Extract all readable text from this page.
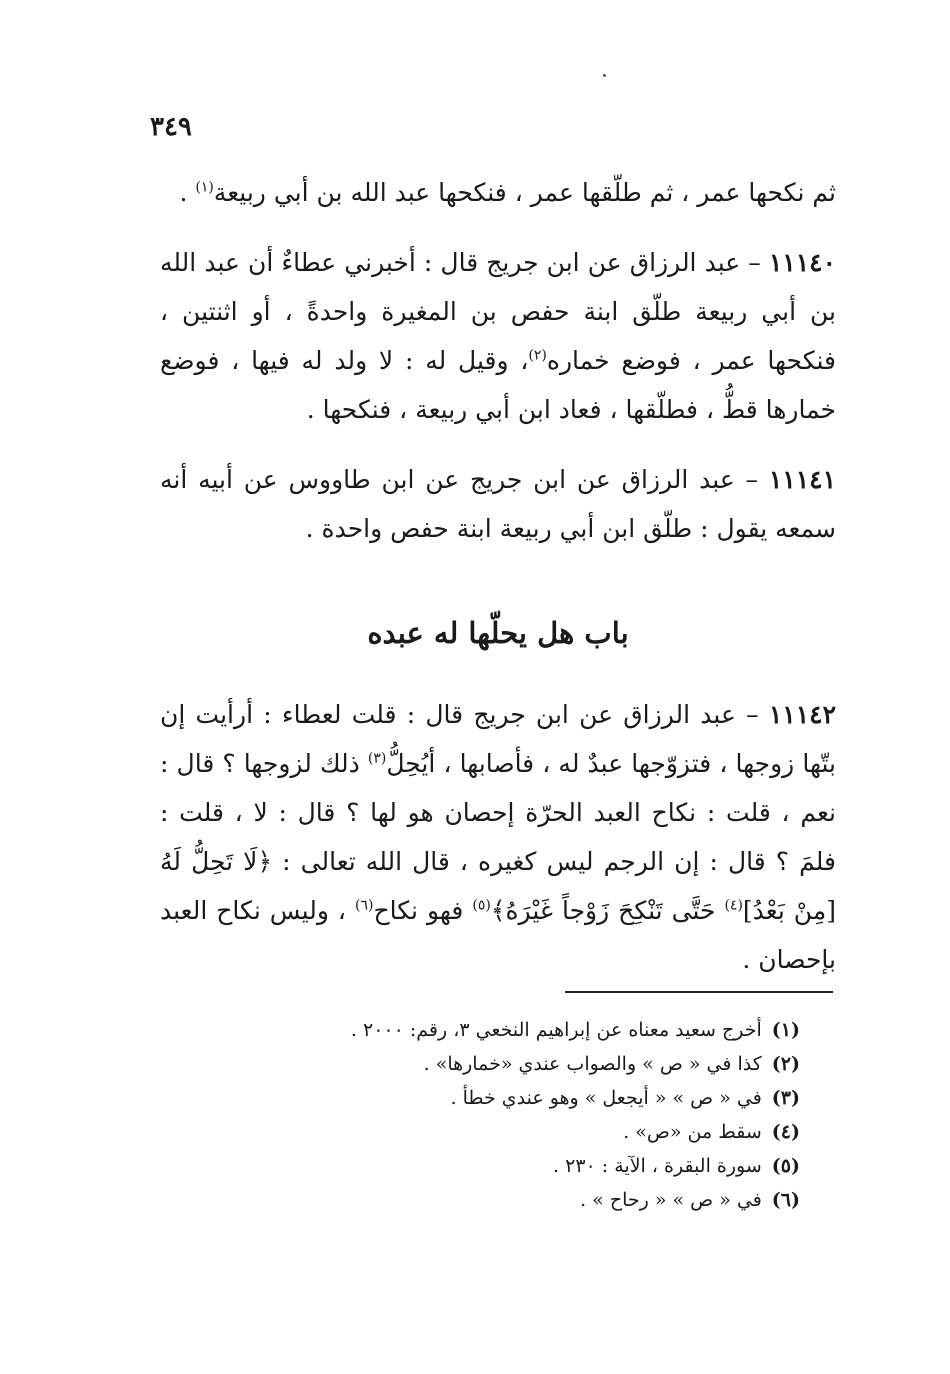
٣٤٩

ثم نكحها عمر ، ثم طلّقها عمر ، فنكحها عبد الله بن أبي ربيعة$^{(١)}$ .

١١١٤٠ – عبد الرزاق عن ابن جريج قال : أخبرني عطاءٌ أن عبد الله بن أبي ربيعة طلّق ابنة حفص بن المغيرة واحدةً ، أو اثنتين ، فنكحها عمر ، فوضع خماره$^{(٢)}$، وقيل له : لا ولد له فيها ، فوضع خمارها قطُّ ، فطلّقها ، فعاد ابن أبي ربيعة ، فنكحها .

١١١٤١ – عبد الرزاق عن ابن جريج عن ابن طاووس عن أبيه أنه سمعه يقول : طلّق ابن أبي ربيعة ابنة حفص واحدة .

باب هل يحلّها له عبده

١١١٤٢ – عبد الرزاق عن ابن جريج قال : قلت لعطاء : أرأيت إن بتّها زوجها ، فتزوّجها عبدٌ له ، فأصابها ، أيُحِلُّ$^{(٣)}$ ذلك لزوجها ؟ قال : نعم ، قلت : نكاح العبد الحرّة إحصان هو لها ؟ قال : لا ، قلت : فلمَ ؟ قال : إن الرجم ليس كغيره ، قال الله تعالى : ﴿لَا تَحِلُّ لَهُ [مِنْ بَعْدُ]$^{(٤)}$ حَتَّى تَنْكِحَ زَوْجاً غَيْرَهُ﴾$^{(٥)}$ فهو نكاح$^{(٦)}$ ، وليس نكاح العبد بإحصان .

(١)أخرج سعيد معناه عن إبراهيم النخعي ٣، رقم: ٢٠٠٠ .
(٢)كذا في « ص » والصواب عندي «خمارها» .
(٣)في « ص » « أيجعل » وهو عندي خطأ .
(٤)سقط من «ص» .
(٥)سورة البقرة ، الآية : ٢٣٠ .
(٦)في « ص » « رحاح » .
